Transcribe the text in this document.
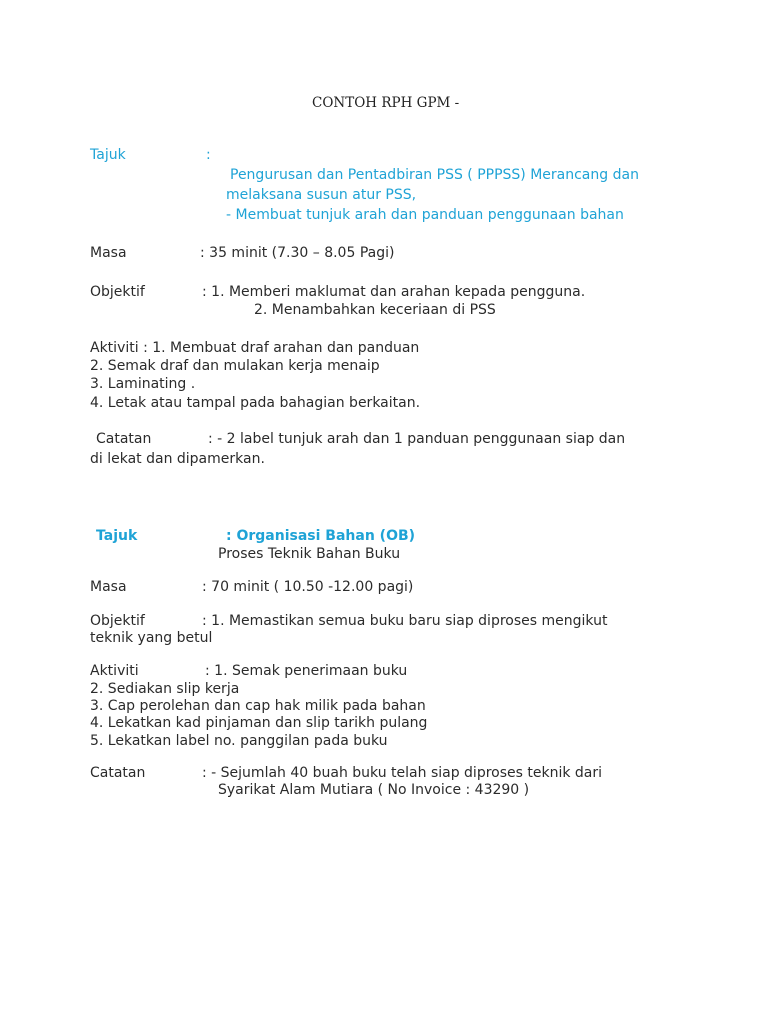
CONTOH RPH GPM -

Tajuk	:

Pengurusan dan Pentadbiran PSS ( PPPSS) Merancang dan

melaksana susun atur PSS,

- Membuat tunjuk arah dan panduan penggunaan bahan

Masa	: 35 minit (7.30 – 8.05 Pagi)

Objektif	: 1. Memberi maklumat dan arahan kepada pengguna.

2. Menambahkan keceriaan di PSS

Aktiviti : 1. Membuat draf arahan dan panduan

2. Semak draf dan mulakan kerja menaip

3. Laminating .

4. Letak atau tampal pada bahagian berkaitan.

Catatan	: - 2 label tunjuk arah dan 1 panduan penggunaan siap dan

di lekat dan dipamerkan.

Tajuk	: Organisasi Bahan (OB)

Proses Teknik Bahan Buku

Masa	: 70 minit ( 10.50 -12.00 pagi)

Objektif	: 1. Memastikan semua buku baru siap diproses mengikut

teknik yang betul

Aktiviti	: 1. Semak penerimaan buku

2. Sediakan slip kerja

3. Cap perolehan dan cap hak milik pada bahan

4. Lekatkan kad pinjaman dan slip tarikh pulang

5. Lekatkan label no. panggilan pada buku

Catatan	: - Sejumlah 40 buah buku telah siap diproses teknik dari

Syarikat Alam Mutiara ( No Invoice : 43290 )
